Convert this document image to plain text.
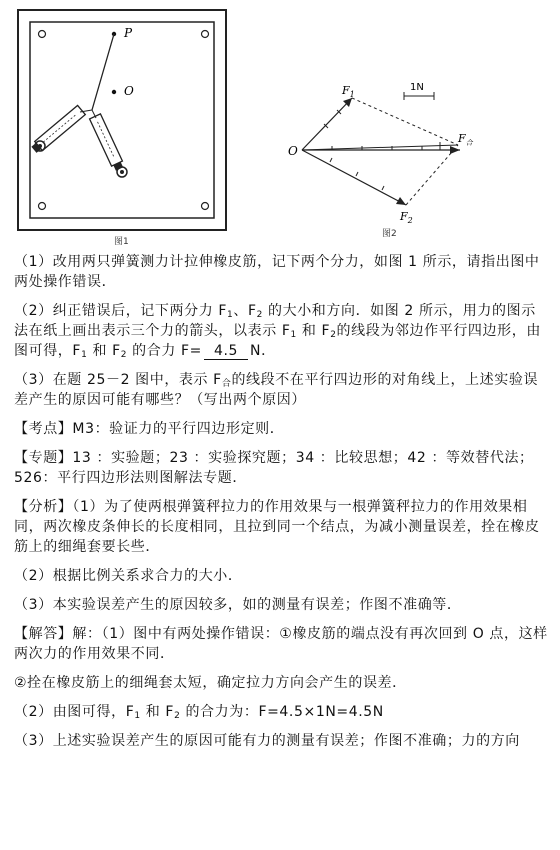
P
O	1N
O
$F_1$
$F_2$
$F_合$
图1
图2

（1）改用两只弹簧测力计拉伸橡皮筋，记下两个分力，如图 1 所示，请指出图中两处操作错误．

（2）纠正错误后，记下两分力 $F_1$、$F_2$ 的大小和方向．如图 2 所示，用力的图示法在纸上画出表示三个力的箭头，以表示 $F_1$ 和 $F_2$的线段为邻边作平行四边形，由图可得，$F_1$ 和 $F_2$ 的合力 F= 4.5 N．

（3）在题 25－2 图中，表示 $F_合$的线段不在平行四边形的对角线上，上述实验误差产生的原因可能有哪些？（写出两个原因）

【考点】M3：验证力的平行四边形定则．

【专题】13 ：实验题；23 ：实验探究题；34 ：比较思想；42 ：等效替代法；526：平行四边形法则图解法专题．

【分析】（1）为了使两根弹簧秤拉力的作用效果与一根弹簧秤拉力的作用效果相同，两次橡皮条伸长的长度相同，且拉到同一个结点，为减小测量误差，拴在橡皮筋上的细绳套要长些．

（2）根据比例关系求合力的大小．

（3）本实验误差产生的原因较多，如的测量有误差；作图不准确等．

【解答】解：（1）图中有两处操作错误：①橡皮筋的端点没有再次回到 O 点，这样两次力的作用效果不同．

②拴在橡皮筋上的细绳套太短，确定拉力方向会产生的误差．

（2）由图可得，$F_1$ 和 $F_2$ 的合力为：F=4.5×1N=4.5N

（3）上述实验误差产生的原因可能有力的测量有误差；作图不准确；力的方向
